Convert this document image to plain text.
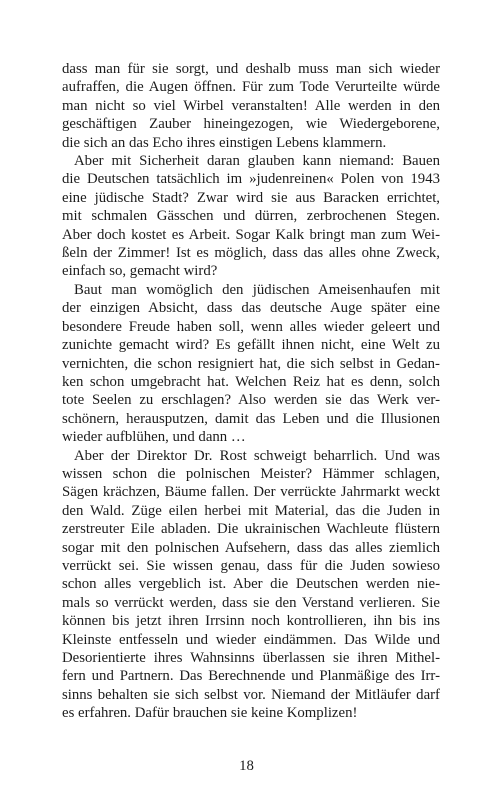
dass man für sie sorgt, und deshalb muss man sich wieder
aufraffen, die Augen öffnen. Für zum Tode Verurteilte würde
man nicht so viel Wirbel veranstalten! Alle werden in den
geschäftigen Zauber hineingezogen, wie Wiedergeborene,
die sich an das Echo ihres einstigen Lebens klammern.
Aber mit Sicherheit daran glauben kann niemand: Bauen
die Deutschen tatsächlich im »judenreinen« Polen von 1943
eine jüdische Stadt? Zwar wird sie aus Baracken errichtet,
mit schmalen Gässchen und dürren, zerbrochenen Stegen.
Aber doch kostet es Arbeit. Sogar Kalk bringt man zum Wei-
ßeln der Zimmer! Ist es möglich, dass das alles ohne Zweck,
einfach so, gemacht wird?
Baut man womöglich den jüdischen Ameisenhaufen mit
der einzigen Absicht, dass das deutsche Auge später eine
besondere Freude haben soll, wenn alles wieder geleert und
zunichte gemacht wird? Es gefällt ihnen nicht, eine Welt zu
vernichten, die schon resigniert hat, die sich selbst in Gedan-
ken schon umgebracht hat. Welchen Reiz hat es denn, solch
tote Seelen zu erschlagen? Also werden sie das Werk ver-
schönern, herausputzen, damit das Leben und die Illusionen
wieder aufblühen, und dann …
Aber der Direktor Dr. Rost schweigt beharrlich. Und was
wissen schon die polnischen Meister? Hämmer schlagen,
Sägen krächzen, Bäume fallen. Der verrückte Jahrmarkt weckt
den Wald. Züge eilen herbei mit Material, das die Juden in
zerstreuter Eile abladen. Die ukrainischen Wachleute flüstern
sogar mit den polnischen Aufsehern, dass das alles ziemlich
verrückt sei. Sie wissen genau, dass für die Juden sowieso
schon alles vergeblich ist. Aber die Deutschen werden nie-
mals so verrückt werden, dass sie den Verstand verlieren. Sie
können bis jetzt ihren Irrsinn noch kontrollieren, ihn bis ins
Kleinste entfesseln und wieder eindämmen. Das Wilde und
Desorientierte ihres Wahnsinns überlassen sie ihren Mithel-
fern und Partnern. Das Berechnende und Planmäßige des Irr-
sinns behalten sie sich selbst vor. Niemand der Mitläufer darf
es erfahren. Dafür brauchen sie keine Komplizen!
18
